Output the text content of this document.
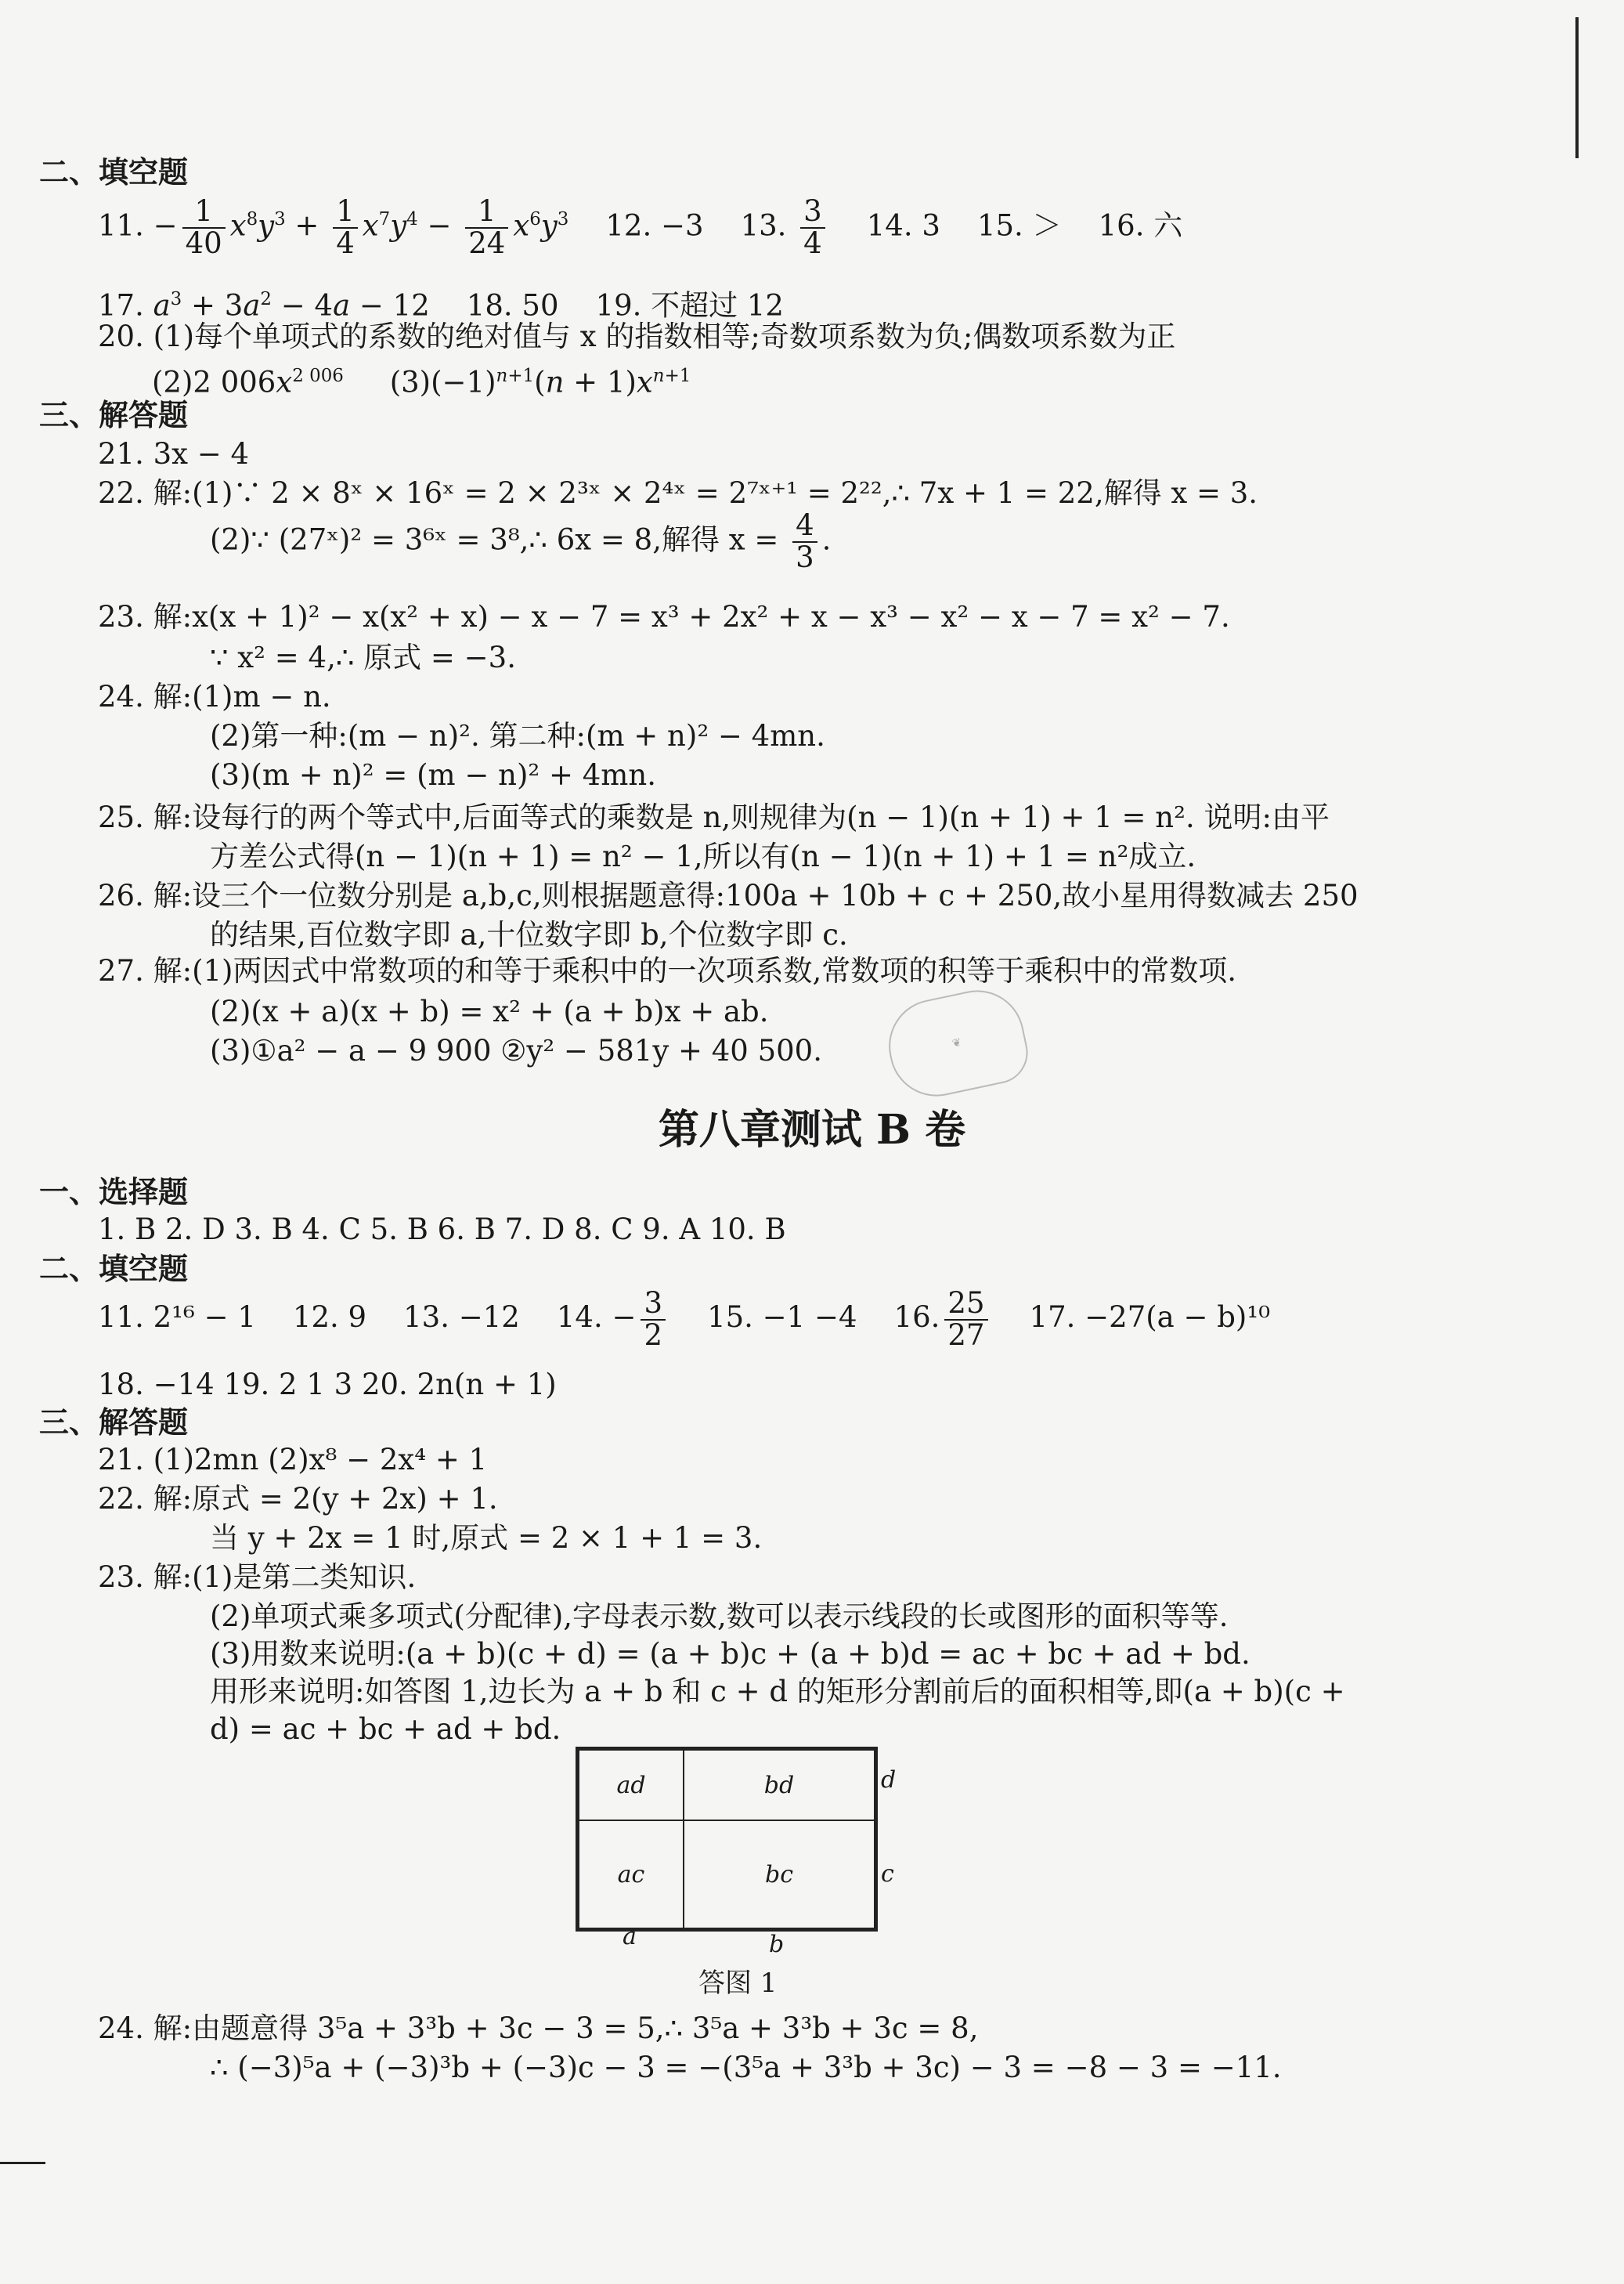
二、填空题
11. − $\frac{1}{40} x^8y^3 + \frac{1}{4} x^7y^4 - \frac{1}{24} x^6y^3$ 12. −3 13. $\frac{3}{4} 14$. 3 15. ＞ 16. 六
17. $a^3 + 3a^2 - 4a - 12$    18. 50 19. 不超过 12
20. (1)每个单项式的系数的绝对值与 x 的指数相等;奇数项系数为负;偶数项系数为正
(2)2 $006x^{2 006}$     $(3)(-1)^{n+1}(n + 1)x^{n+1}$
三、解答题
21. 3x − 4
22. 解:(1)∵ 2 × 8ˣ × 16ˣ = 2 × 2³ˣ × 2⁴ˣ = 2⁷ˣ⁺¹ = 2²²,∴ 7x + 1 = 22,解得 x = 3.
(2)∵ (27ˣ)² = 3⁶ˣ = 3⁸,∴ 6x = 8,解得 $x = \frac{4}{3}$ .
23. 解:x(x + 1)² − x(x² + x) − x − 7 = x³ + 2x² + x − x³ − x² − x − 7 = x² − 7.
∵ x² = 4,∴ 原式 = −3.
24. 解:(1)m − n.
(2)第一种:(m − n)². 第二种:(m + n)² − 4mn.
(3)(m + n)² = (m − n)² + 4mn.
25. 解:设每行的两个等式中,后面等式的乘数是 n,则规律为(n − 1)(n + 1) + 1 = n². 说明:由平
方差公式得(n − 1)(n + 1) = n² − 1,所以有(n − 1)(n + 1) + 1 = n²成立.
26. 解:设三个一位数分别是 a,b,c,则根据题意得:100a + 10b + c + 250,故小星用得数减去 250
的结果,百位数字即 a,十位数字即 b,个位数字即 c.
27. 解:(1)两因式中常数项的和等于乘积中的一次项系数,常数项的积等于乘积中的常数项.
(2)(x + a)(x + b) = x² + (a + b)x + ab.
(3)①a² − a − 9 900 ②y² − 581y + 40 500.	❦
第八章测试 B 卷
一、选择题
1. B 2. D 3. B 4. C 5. B 6. B 7. D 8. C 9. A 10. B
二、填空题
11. 2¹⁶ − 1 12. 9 13. −12 14. − $\frac{3}{2} 15$. −1 −4 16. $\frac{25}{27} 17$. −27(a − b)¹⁰
18. −14 19. 2 1 3 20. 2n(n + 1)
三、解答题
21. (1)2mn (2)x⁸ − 2x⁴ + 1
22. 解:原式 = 2(y + 2x) + 1.
当 y + 2x = 1 时,原式 = 2 × 1 + 1 = 3.
23. 解:(1)是第二类知识.
(2)单项式乘多项式(分配律),字母表示数,数可以表示线段的长或图形的面积等等.
(3)用数来说明:(a + b)(c + d) = (a + b)c + (a + b)d = ac + bc + ad + bd.
用形来说明:如答图 1,边长为 a + b 和 c + d 的矩形分割前后的面积相等,即(a + b)(c +
d) = ac + bc + ad + bd.
ad	bd
ac	bc
d
c
a	b
答图 1
24. 解:由题意得 3⁵a + 3³b + 3c − 3 = 5,∴ 3⁵a + 3³b + 3c = 8,
∴ (−3)⁵a + (−3)³b + (−3)c − 3 = −(3⁵a + 3³b + 3c) − 3 = −8 − 3 = −11.
